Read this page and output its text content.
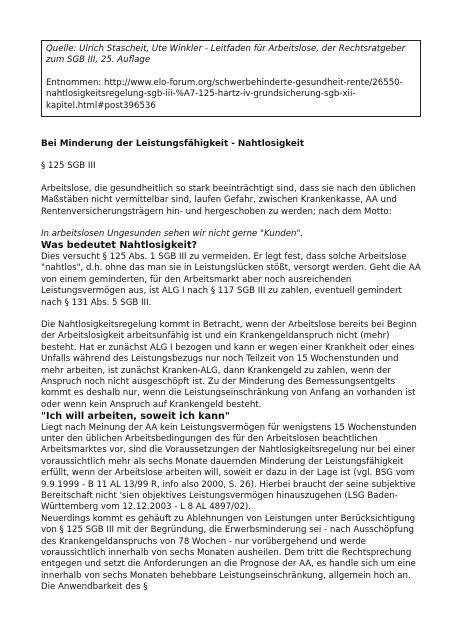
Quelle: Ulrich Stascheit, Ute Winkler - Leitfaden für Arbeitslose, der Rechtsratgeber zum SGB III, 25. Auflage

Entnommen: http://www.elo-forum.org/schwerbehinderte-gesundheit-rente/26550-nahtlosigkeitsregelung-sgb-iii-%A7-125-hartz-iv-grundsicherung-sgb-xii-kapitel.html#post396536

Bei Minderung der Leistungsfähigkeit - Nahtlosigkeit

§ 125 SGB III

Arbeitslose, die gesundheitlich so stark beeinträchtigt sind, dass sie nach den üblichen Maßstäben nicht vermittelbar sind, laufen Gefahr, zwischen Krankenkasse, AA und Rentenversicherungsträgern hin- und hergeschoben zu werden; nach dem Motto:

In arbeitslosen Ungesunden sehen wir nicht gerne "Kunden".

Was bedeutet Nahtlosigkeit?

Dies versucht § 125 Abs. 1 SGB III zu vermeiden. Er legt fest, dass solche Arbeitslose "nahtlos", d.h. ohne das man sie in Leistungslücken stößt, versorgt werden. Geht die AA von einem geminderten, für den Arbeitsmarkt aber noch ausreichenden Leistungsvermögen aus, ist ALG I nach § 117 SGB III zu zahlen, eventuell gemindert nach § 131 Abs. 5 SGB III.

Die Nahtlosigkeitsregelung kommt in Betracht, wenn der Arbeitslose bereits bei Beginn der Arbeitslosigkeit arbeitsunfähig ist und ein Krankengeldanspruch nicht (mehr) besteht. Hat er zunächst ALG I bezogen und kann er wegen einer Krankheit oder eines Unfalls während des Leistungsbezugs nur noch Teilzeit von 15 Wochenstunden und mehr arbeiten, ist zunächst Kranken-ALG, dann Krankengeld zu zahlen, wenn der Anspruch noch nicht ausgeschöpft ist. Zu der Minderung des Bemessungsentgelts kommt es deshalb nur, wenn die Leistungseinschränkung von Anfang an vorhanden ist oder wenn kein Anspruch auf Krankengeld besteht.

"Ich will arbeiten, soweit ich kann"

Liegt nach Meinung der AA kein Leistungsvermögen für wenigstens 15 Wochenstunden unter den üblichen Arbeitsbedingungen des für den Arbeitslosen beachtlichen Arbeitsmarktes vor, sind die Voraussetzungen der Nahtlosigkeitsregelung nur bei einer voraussichtlich mehr als sechs Monate dauernden Minderung der Leistungsfähigkeit erfüllt, wenn der Arbeitslose arbeiten will, soweit er dazu in der Lage ist (vgl. BSG vom 9.9.1999 - B 11 AL 13/99 R, info also 2000, S. 26). Hierbei braucht der seine subjektive Bereitschaft nicht 'sien objektives Leistungsvermögen hinauszugehen (LSG Baden-Württemberg vom 12.12.2003 - L 8 AL 4897/02).

Neuerdings kommt es gehäuft zu Ablehnungen von Leistungen unter Berücksichtigung von § 125 SGB III mit der Begründung, die Erwerbsminderung sei - nach Ausschöpfung des Krankengeldanspruchs von 78 Wochen - nur vorübergehend und werde voraussichtlich innerhalb von sechs Monaten ausheilen. Dem tritt die Rechtsprechung entgegen und setzt die Anforderungen an die Prognose der AA, es handle sich um eine innerhalb von sechs Monaten behebbare Leistungseinschränkung, allgemein hoch an. Die Anwendbarkeit des §
